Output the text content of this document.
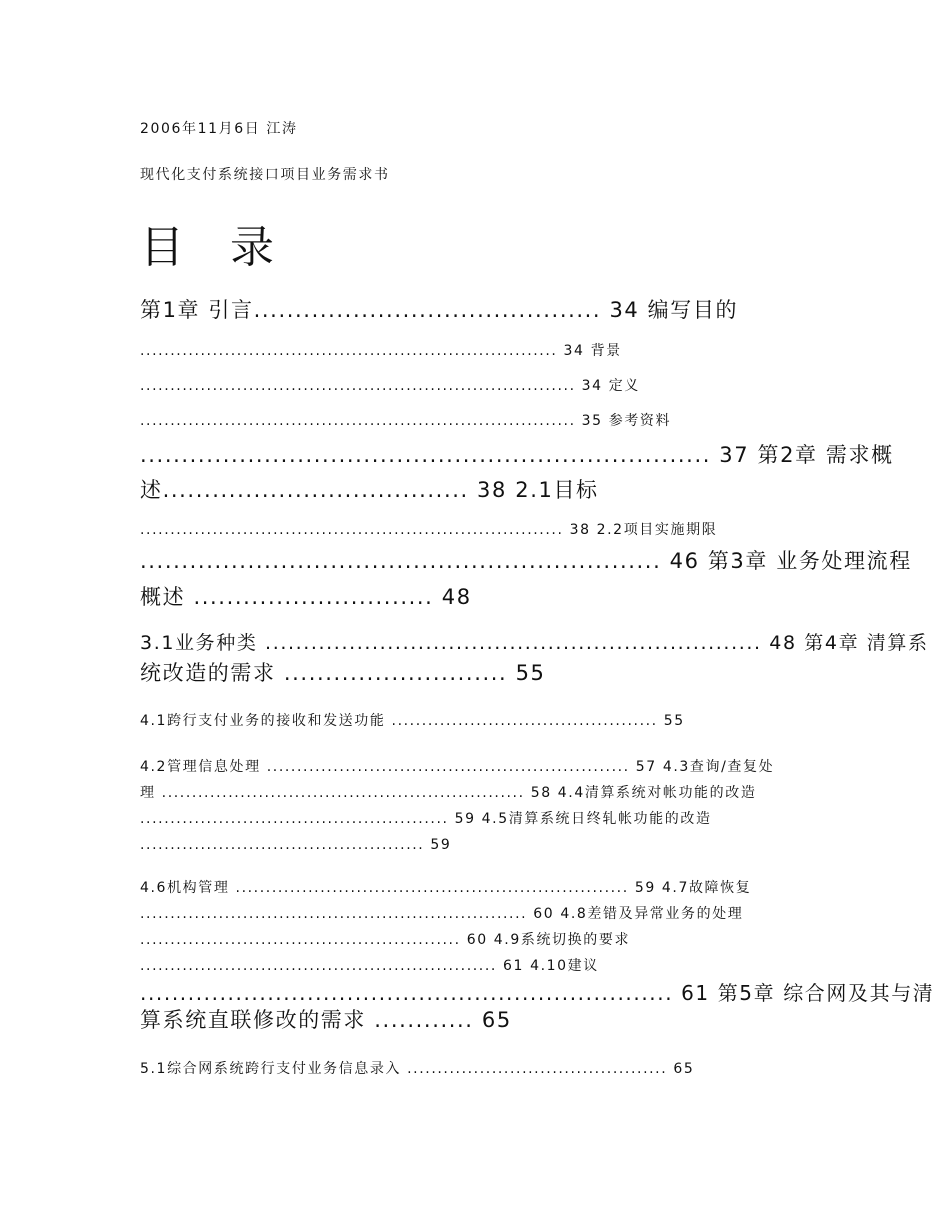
2006年11月6日 江涛

现代化支付系统接口项目业务需求书

目 录

第1章 引言.......................................... 34 编写目的

..................................................................... 34 背景

........................................................................ 34 定义

........................................................................ 35 参考资料

..................................................................... 37 第2章 需求概

述..................................... 38 2.1目标

...................................................................... 38 2.2项目实施期限

............................................................... 46 第3章 业务处理流程

概述 ............................. 48

3.1业务种类 ................................................................. 48 第4章 清算系

统改造的需求 ........................... 55

4.1跨行支付业务的接收和发送功能 ............................................ 55

4.2管理信息处理 ............................................................ 57 4.3查询/查复处

理 ............................................................ 58 4.4清算系统对帐功能的改造

................................................... 59 4.5清算系统日终轧帐功能的改造

............................................... 59

4.6机构管理 ................................................................. 59 4.7故障恢复

................................................................ 60 4.8差错及异常业务的处理

..................................................... 60 4.9系统切换的要求

........................................................... 61 4.10建议

................................................................... 61 第5章 综合网及其与清

算系统直联修改的需求 ............ 65

5.1综合网系统跨行支付业务信息录入 ........................................... 65
